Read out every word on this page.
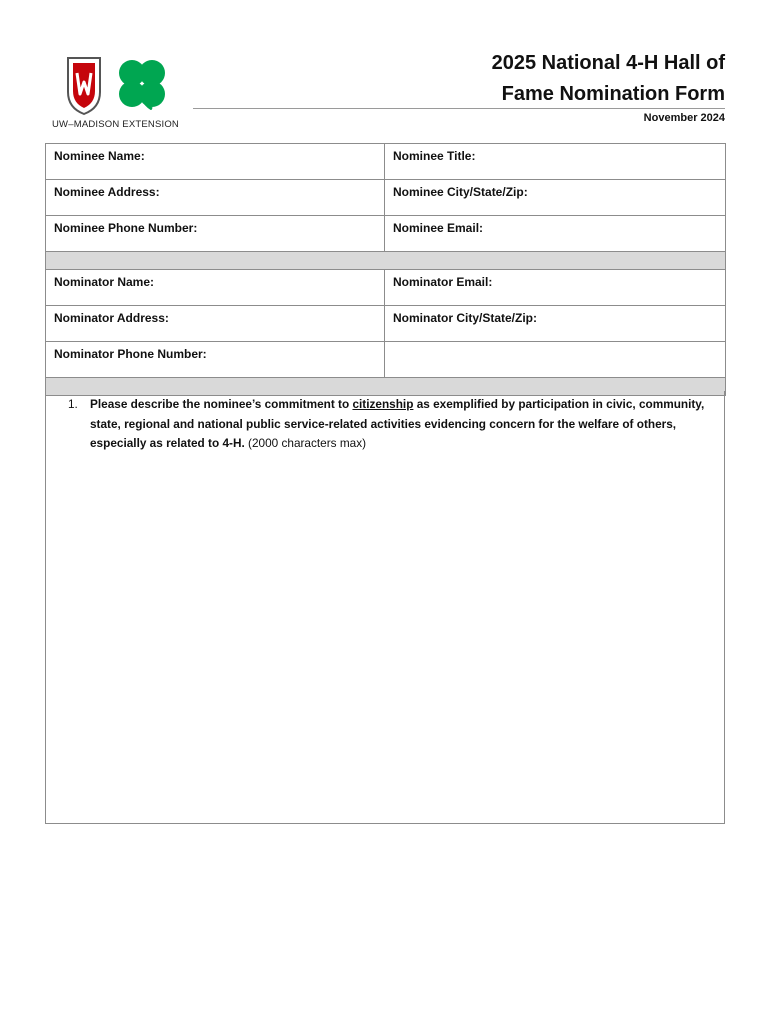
UW–MADISON EXTENSION
2025 National 4-H Hall of
Fame Nomination Form
November 2024
Nominee Name:	Nominee Title:
Nominee Address:	Nominee City/State/Zip:
Nominee Phone Number:	Nominee Email:

Nominator Name:	Nominator Email:
Nominator Address:	Nominator City/State/Zip:
Nominator Phone Number:	

1. Please describe the nominee’s commitment to citizenship as exemplified by participation in civic, community, state, regional and national public service-related activities evidencing concern for the welfare of others, especially as related to 4-H. (2000 characters max)
